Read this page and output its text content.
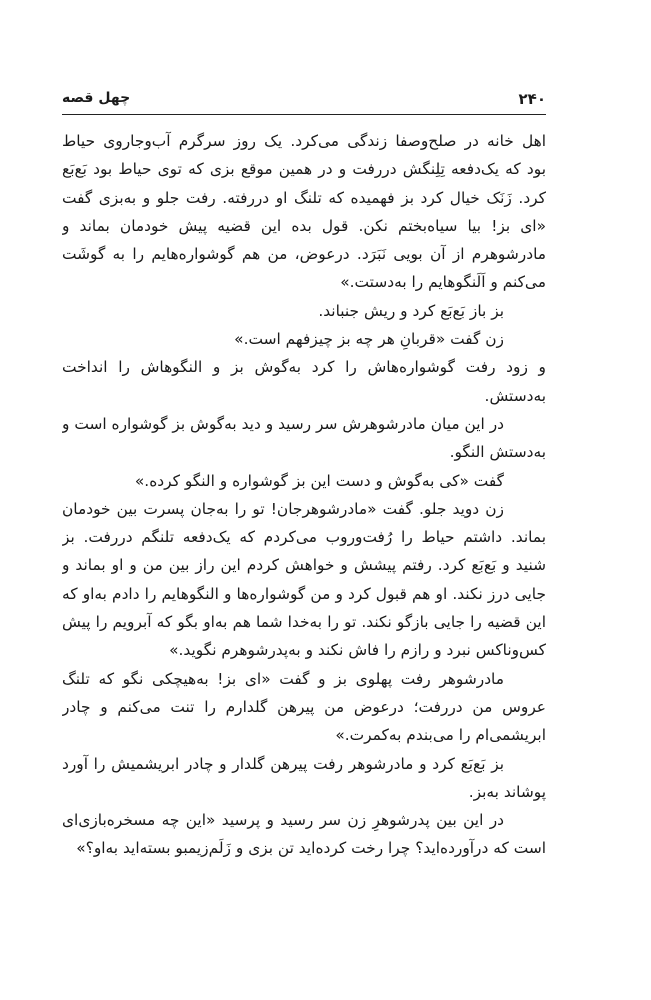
۲۴۰
چهل قصه
اهل خانه در صلح‌وصفا زندگی می‌کرد. یک روز سرگرم آب‌وجاروی حیاط
بود که یک‌دفعه تِلِنگش دررفت و در همین موقع بزی که توی حیاط بود بَع‌بَع
کرد. زَنَک خیال کرد بز فهمیده که تلنگ او دررفته. رفت جلو و به‌بزی گفت
«ای بز! بیا سیاه‌بختم نکن. قول بده این قضیه پیش خودمان بماند و
مادرشوهرم از آن بویی نَبَرَد. درعوض، من هم گوشواره‌هایم را به گوشَت
می‌کنم و اَلَنگوهایم را به‌دستت.»
بز باز بَع‌بَع کرد و ریش جنباند.
زن گفت «قربانِ هر چه بز چیزفهم است.»
و زود رفت گوشواره‌هاش را کرد به‌گوش بز و النگوهاش را انداخت
به‌دستش.
در این میان مادرشوهرش سر رسید و دید به‌گوش بز گوشواره است و
به‌دستش النگو.
گفت «کی به‌گوش و دست این بز گوشواره و النگو کرده.»
زن دوید جلو. گفت «مادرشوهرجان! تو را به‌جان پسرت بین خودمان
بماند. داشتم حیاط را رُفت‌وروب می‌کردم که یک‌دفعه تلنگم دررفت. بز
شنید و بَع‌بَع کرد. رفتم پیشش و خواهش کردم این راز بین من و او بماند و
جایی درز نکند. او هم قبول کرد و من گوشواره‌ها و النگوهایم را دادم به‌او که
این قضیه را جایی بازگو نکند. تو را به‌خدا شما هم به‌او بگو که آبرویم را پیش
کس‌وناکس نبرد و رازم را فاش نکند و به‌پدرشوهرم نگوید.»
مادرشوهر رفت پهلوی بز و گفت «ای بز! به‌هیچکی نگو که تلنگ
عروس من دررفت؛ درعوض من پیرهن گلدارم را تنت می‌کنم و چادر
ابریشمی‌ام را می‌بندم به‌کمرت.»
بز بَع‌بَع کرد و مادرشوهر رفت پیرهن گلدار و چادر ابریشمیش را آورد
پوشاند به‌بز.
در این بین پدرشوهرِ زن سر رسید و پرسید «این چه مسخره‌بازی‌ای
است که درآورده‌اید؟ چرا رخت کرده‌اید تن بزی و زَلَم‌زیمبو بسته‌اید به‌او؟»
